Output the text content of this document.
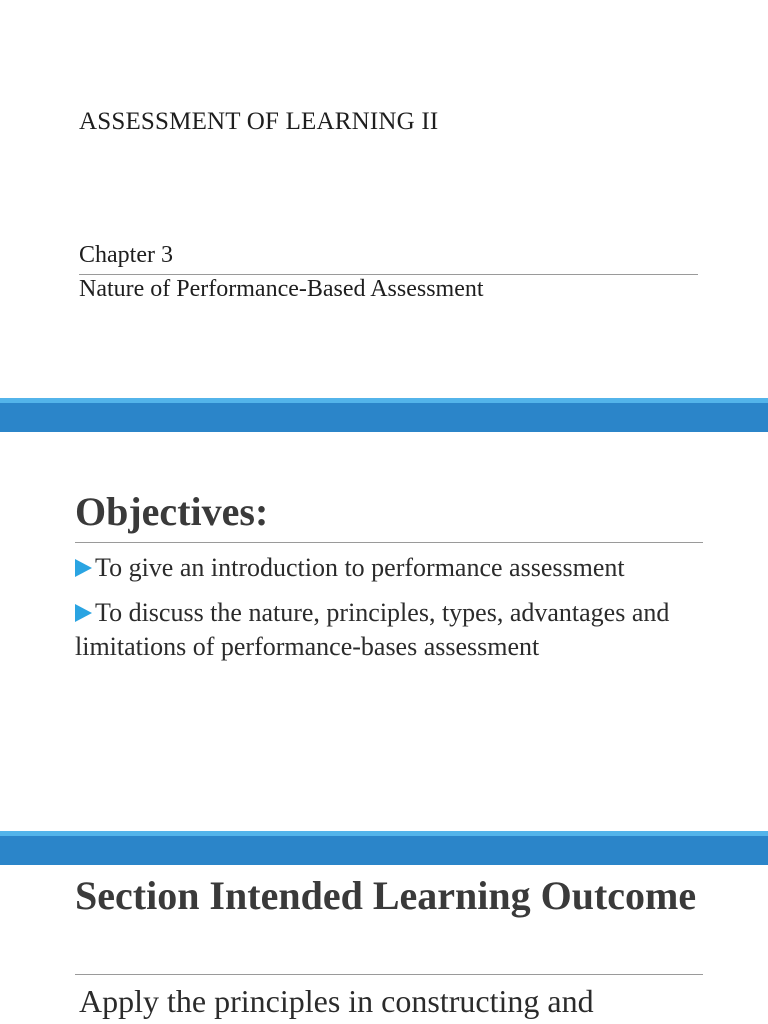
ASSESSMENT OF LEARNING II
Chapter 3
Nature of Performance-Based Assessment
Objectives:
To give an introduction to performance assessment
To discuss the nature, principles, types, advantages and limitations of performance-bases assessment
Section Intended Learning Outcome
Apply the principles in constructing and
